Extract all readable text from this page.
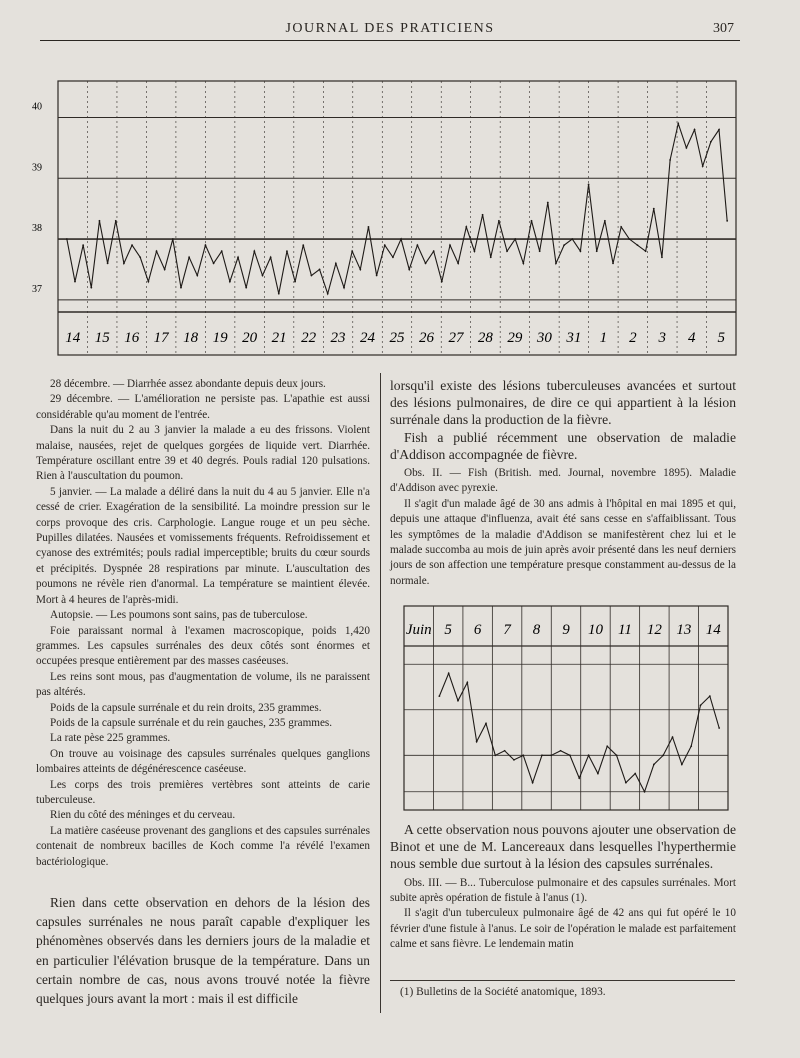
JOURNAL DES PRATICIENS	307
40
39
38
37
14 15 16 17 18 19 20 21 22 23 24 25 26 27 28 29 30 31 1 2 3 4 5
Juin 5 6 7 8 9 10 11 12 13 14

28 décembre. — Diarrhée assez abondante depuis deux jours.

29 décembre. — L'amélioration ne persiste pas. L'apathie est aussi considérable qu'au moment de l'entrée.

Dans la nuit du 2 au 3 janvier la malade a eu des frissons. Violent malaise, nausées, rejet de quelques gorgées de liquide vert. Diarrhée. Température oscillant entre 39 et 40 degrés. Pouls radial 120 pulsations. Rien à l'auscultation du poumon.

5 janvier. — La malade a déliré dans la nuit du 4 au 5 janvier. Elle n'a cessé de crier. Exagération de la sensibilité. La moindre pression sur le corps provoque des cris. Carphologie. Langue rouge et un peu sèche. Pupilles dilatées. Nausées et vomissements fréquents. Refroidissement et cyanose des extrémités; pouls radial imperceptible; bruits du cœur sourds et précipités. Dyspnée 28 respirations par minute. L'auscultation des poumons ne révèle rien d'anormal. La température se maintient élevée. Mort à 4 heures de l'après-midi.

Autopsie. — Les poumons sont sains, pas de tuberculose.

Foie paraissant normal à l'examen macroscopique, poids 1,420 grammes. Les capsules surrénales des deux côtés sont énormes et occupées presque entièrement par des masses caséeuses.

Les reins sont mous, pas d'augmentation de volume, ils ne paraissent pas altérés.

Poids de la capsule surrénale et du rein droits, 235 grammes.

Poids de la capsule surrénale et du rein gauches, 235 grammes.

La rate pèse 225 grammes.

On trouve au voisinage des capsules surrénales quelques ganglions lombaires atteints de dégénérescence caséeuse.

Les corps des trois premières vertèbres sont atteints de carie tuberculeuse.

Rien du côté des méninges et du cerveau.

La matière caséeuse provenant des ganglions et des capsules surrénales contenait de nombreux bacilles de Koch comme l'a révélé l'examen bactériologique.

Rien dans cette observation en dehors de la lésion des capsules surrénales ne nous paraît capable d'expliquer les phénomènes observés dans les derniers jours de la maladie et en particulier l'élévation brusque de la température. Dans un certain nombre de cas, nous avons trouvé notée la fièvre quelques jours avant la mort : mais il est difficile

lorsqu'il existe des lésions tuberculeuses avancées et surtout des lésions pulmonaires, de dire ce qui appartient à la lésion surrénale dans la production de la fièvre.

Fish a publié récemment une observation de maladie d'Addison accompagnée de fièvre.

Obs. II. — Fish (British. med. Journal, novembre 1895). Maladie d'Addison avec pyrexie.

Il s'agit d'un malade âgé de 30 ans admis à l'hôpital en mai 1895 et qui, depuis une attaque d'influenza, avait été sans cesse en s'affaiblissant. Tous les symptômes de la maladie d'Addison se manifestèrent chez lui et le malade succomba au mois de juin après avoir présenté dans les neuf derniers jours de son affection une température presque constamment au-dessus de la normale.

A cette observation nous pouvons ajouter une observation de Binot et une de M. Lancereaux dans lesquelles l'hyperthermie nous semble due surtout à la lésion des capsules surrénales.

Obs. III. — B... Tuberculose pulmonaire et des capsules surrénales. Mort subite après opération de fistule à l'anus (1).

Il s'agit d'un tuberculeux pulmonaire âgé de 42 ans qui fut opéré le 10 février d'une fistule à l'anus. Le soir de l'opération le malade est parfaitement calme et sans fièvre. Le lendemain matin

(1) Bulletins de la Société anatomique, 1893.
